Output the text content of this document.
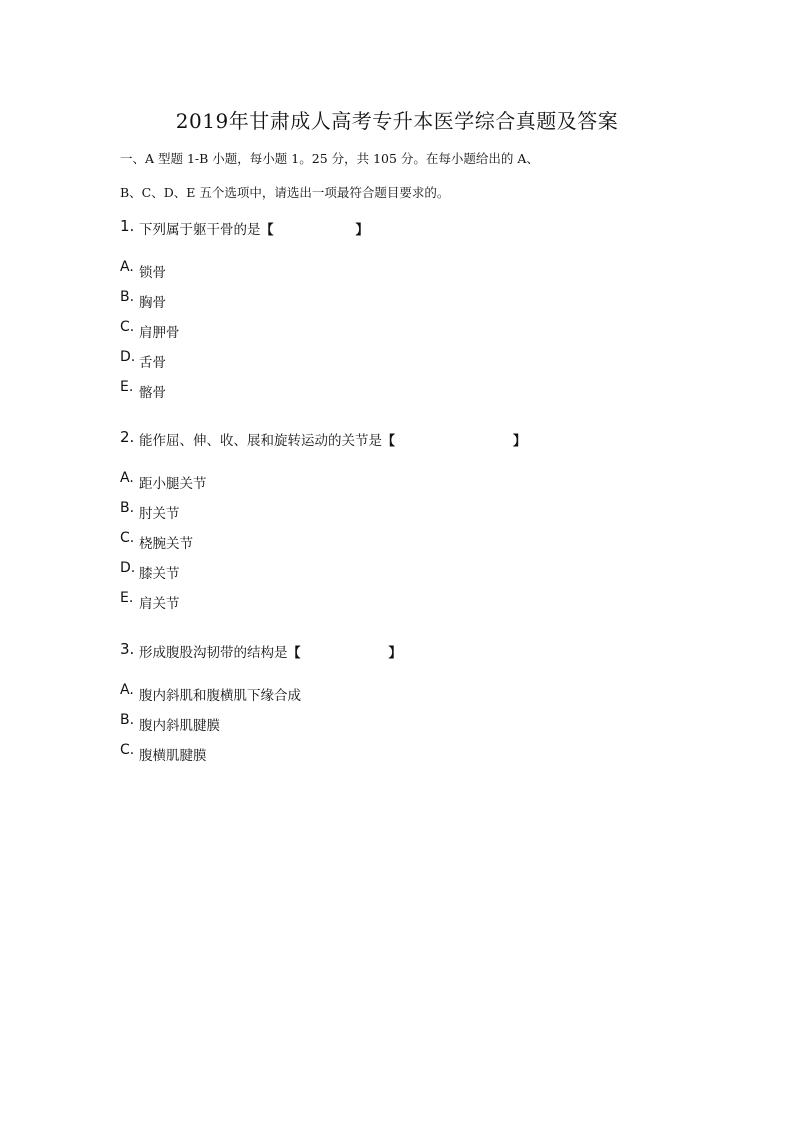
2019年甘肃成人高考专升本医学综合真题及答案
一、A 型题 1-B 小题，每小题 1。25 分，共 105 分。在每小题给出的 A、
B、C、D、E 五个选项中，请选出一项最符合题目要求的。
1. 下列属于躯干骨的是【	】
A. 锁骨
B. 胸骨
C. 肩胛骨
D. 舌骨
E. 髂骨
2. 能作屈、伸、收、展和旋转运动的关节是【	】
A. 距小腿关节
B. 肘关节
C. 桡腕关节
D. 膝关节
E. 肩关节
3. 形成腹股沟韧带的结构是【	】
A. 腹内斜肌和腹横肌下缘合成
B. 腹内斜肌腱膜
C. 腹横肌腱膜
